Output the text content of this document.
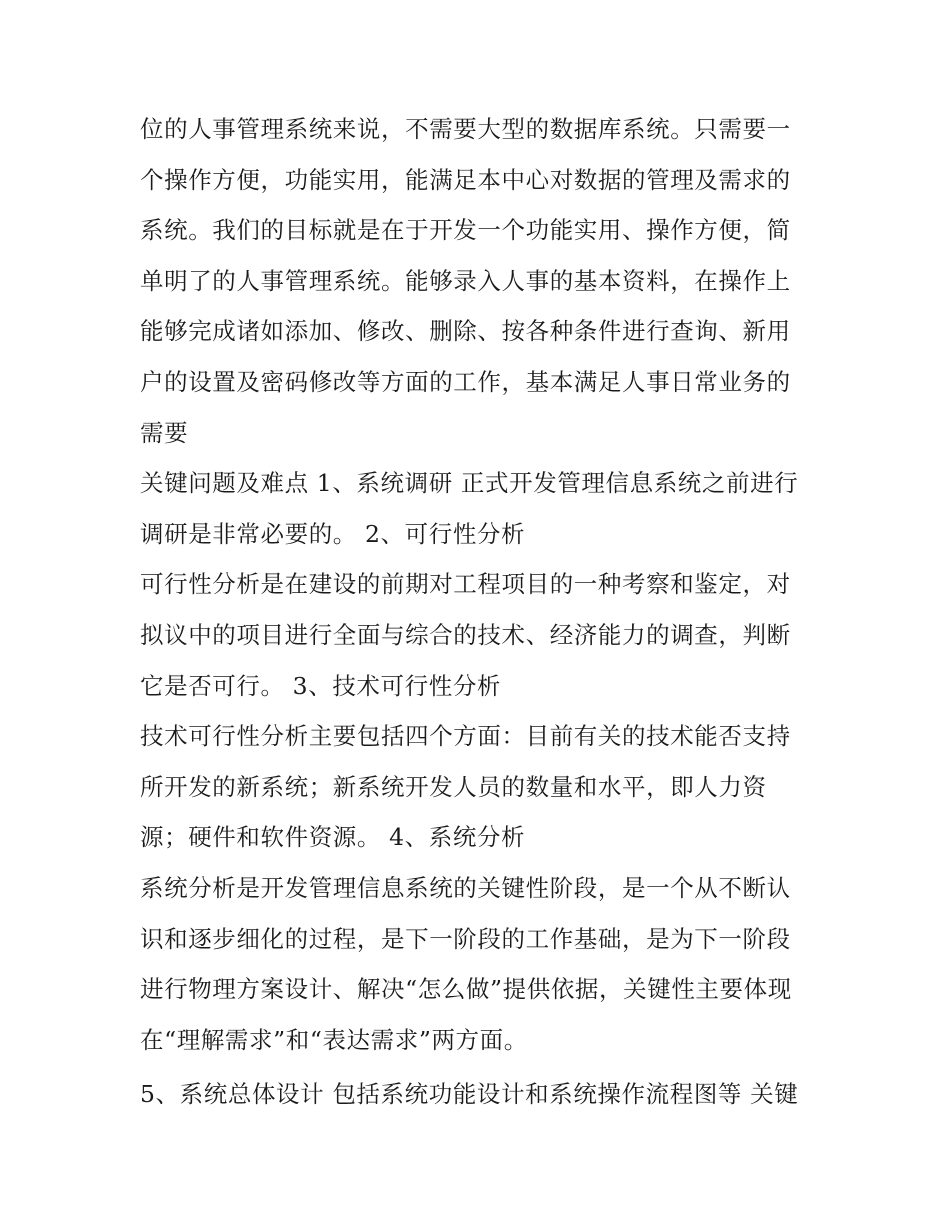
位的人事管理系统来说，不需要大型的数据库系统。只需要一
个操作方便，功能实用，能满足本中心对数据的管理及需求的
系统。我们的目标就是在于开发一个功能实用、操作方便，简
单明了的人事管理系统。能够录入人事的基本资料，在操作上
能够完成诸如添加、修改、删除、按各种条件进行查询、新用
户的设置及密码修改等方面的工作，基本满足人事日常业务的
需要

关键问题及难点 1、系统调研 正式开发管理信息系统之前进行
调研是非常必要的。 2、可行性分析

可行性分析是在建设的前期对工程项目的一种考察和鉴定，对
拟议中的项目进行全面与综合的技术、经济能力的调查，判断
它是否可行。 3、技术可行性分析

技术可行性分析主要包括四个方面：目前有关的技术能否支持
所开发的新系统；新系统开发人员的数量和水平，即人力资
源；硬件和软件资源。 4、系统分析

系统分析是开发管理信息系统的关键性阶段，是一个从不断认
识和逐步细化的过程，是下一阶段的工作基础，是为下一阶段
进行物理方案设计、解决“怎么做”提供依据，关键性主要体现
在“理解需求”和“表达需求”两方面。

5、系统总体设计 包括系统功能设计和系统操作流程图等 关键
